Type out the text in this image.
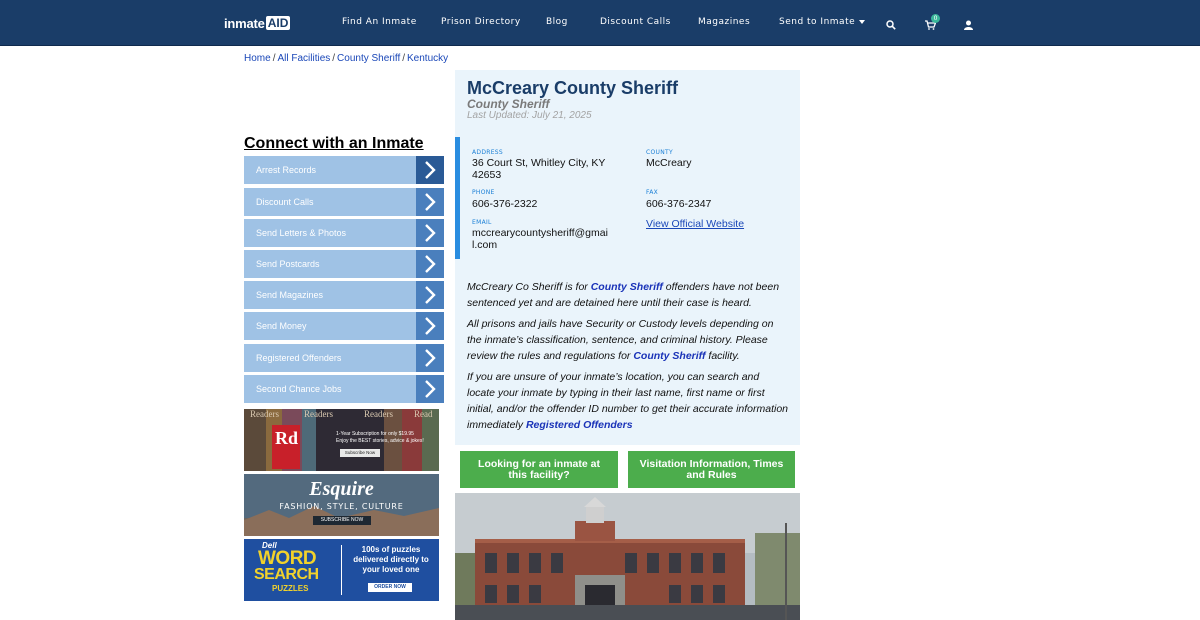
inmate AID	Find An Inmate	Prison Directory	Blog	Discount Calls	Magazines	Send to Inmate	0
Home / All Facilities / County Sheriff / Kentucky
Connect with an Inmate
Arrest Records
Discount Calls
Send Letters & Photos
Send Postcards
Send Magazines
Send Money
Registered Offenders
Second Chance Jobs
Readers	Readers	Readers Read
Rd	1-Year Subscription for only $19.95
Enjoy the BEST stories, advice & jokes!
Subscribe Now
Esquire
FASHION, STYLE, CULTURE
SUBSCRIBE NOW
Dell
WORD
SEARCH
PUZZLES
100s of puzzles delivered directly to your loved one
ORDER NOW
McCreary County Sheriff
County Sheriff
Last Updated: July 21, 2025
ADDRESS
36 Court St, Whitley City, KY 42653
COUNTY
McCreary
PHONE
606-376-2322
FAX
606-376-2347
EMAIL
mccrearycountysheriff@gmail.com
View Official Website

McCreary Co Sheriff is for County Sheriff offenders have not been sentenced yet and are detained here until their case is heard.

All prisons and jails have Security or Custody levels depending on the inmate’s classification, sentence, and criminal history. Please review the rules and regulations for County Sheriff facility.

If you are unsure of your inmate’s location, you can search and locate your inmate by typing in their last name, first name or first initial, and/or the offender ID number to get their accurate information immediately Registered Offenders

Looking for an inmate at this facility?
Visitation Information, Times and Rules
